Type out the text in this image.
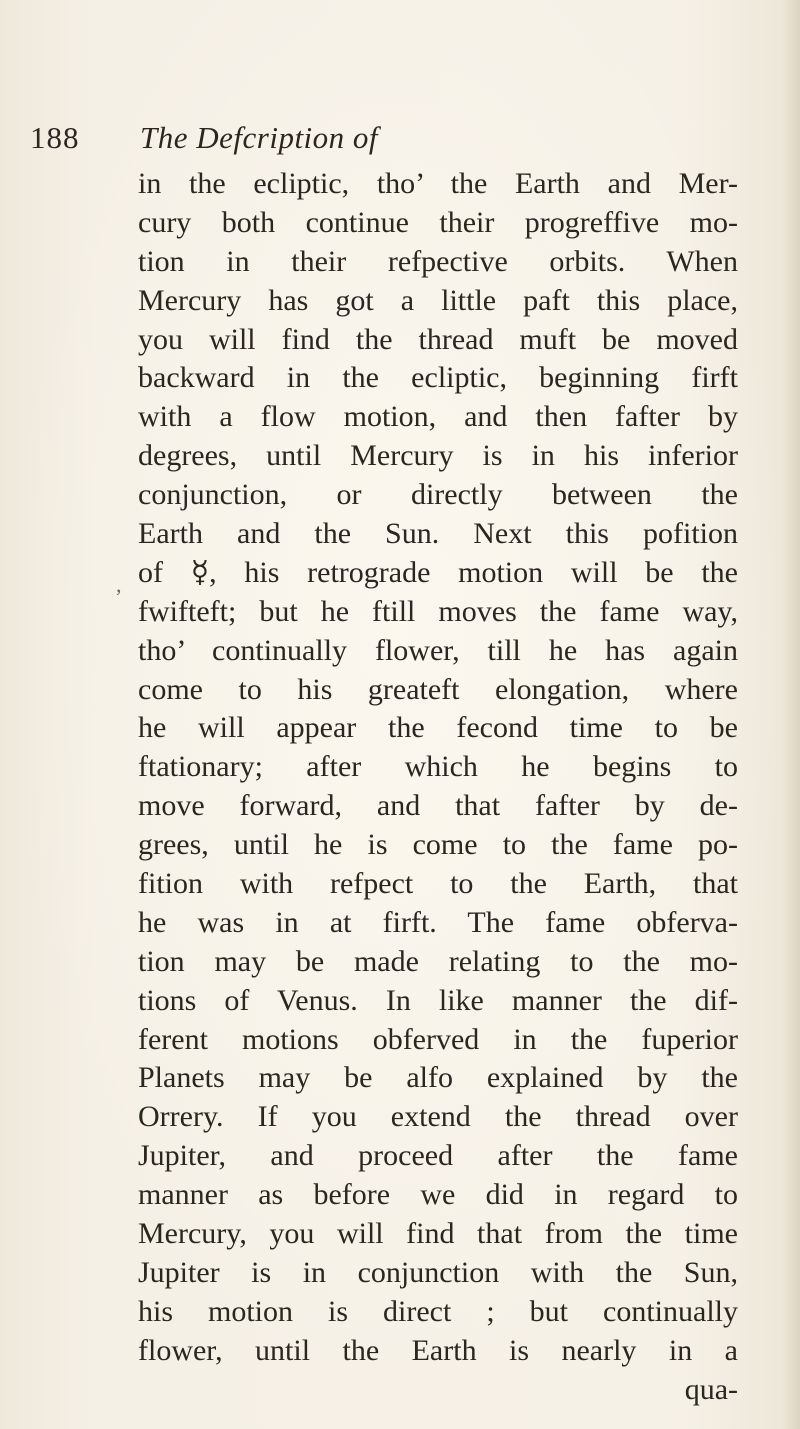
188 The Defcription of
,
in the ecliptic, tho’ the Earth and Mer-
cury both continue their progreffive mo-
tion in their refpective orbits. When
Mercury has got a little paft this place,
you will find the thread muft be moved
backward in the ecliptic, beginning firft
with a flow motion, and then fafter by
degrees, until Mercury is in his inferior
conjunction, or directly between the
Earth and the Sun. Next this pofition
of ☿, his retrograde motion will be the
fwifteft; but he ftill moves the fame way,
tho’ continually flower, till he has again
come to his greateft elongation, where
he will appear the fecond time to be
ftationary; after which he begins to
move forward, and that fafter by de-
grees, until he is come to the fame po-
fition with refpect to the Earth, that
he was in at firft. The fame obferva-
tion may be made relating to the mo-
tions of Venus. In like manner the dif-
ferent motions obferved in the fuperior
Planets may be alfo explained by the
Orrery. If you extend the thread over
Jupiter, and proceed after the fame
manner as before we did in regard to
Mercury, you will find that from the time
Jupiter is in conjunction with the Sun,
his motion is direct ; but continually
flower, until the Earth is nearly in a
qua-
